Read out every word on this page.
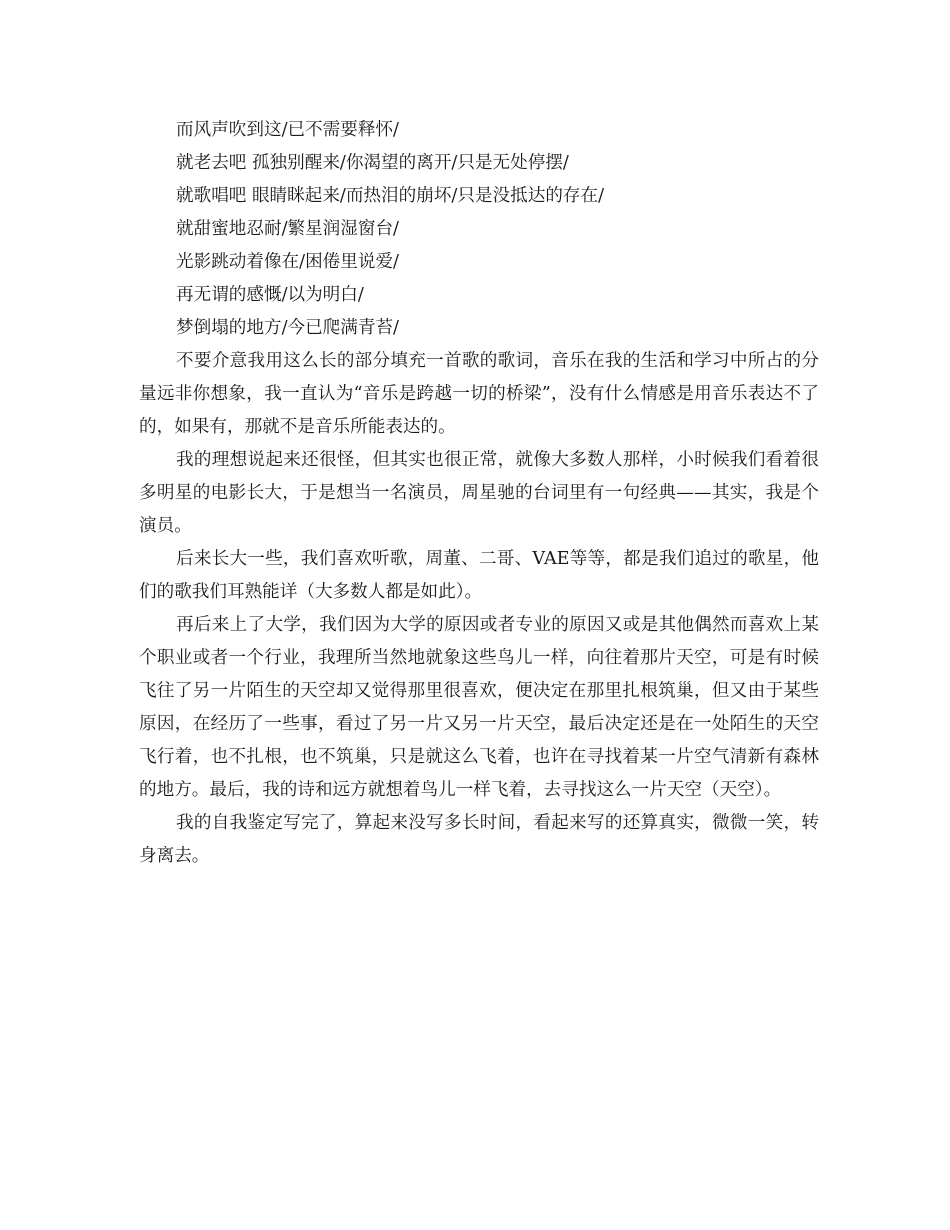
而风声吹到这/已不需要释怀/

就老去吧 孤独别醒来/你渴望的离开/只是无处停摆/

就歌唱吧 眼睛眯起来/而热泪的崩坏/只是没抵达的存在/

就甜蜜地忍耐/繁星润湿窗台/

光影跳动着像在/困倦里说爱/

再无谓的感慨/以为明白/

梦倒塌的地方/今已爬满青苔/

不要介意我用这么长的部分填充一首歌的歌词，音乐在我的生活和学习中所占的分量远非你想象，我一直认为“音乐是跨越一切的桥梁”，没有什么情感是用音乐表达不了的，如果有，那就不是音乐所能表达的。

我的理想说起来还很怪，但其实也很正常，就像大多数人那样，小时候我们看着很多明星的电影长大，于是想当一名演员，周星驰的台词里有一句经典——其实，我是个演员。

后来长大一些，我们喜欢听歌，周董、二哥、VAE等等，都是我们追过的歌星，他们的歌我们耳熟能详（大多数人都是如此）。

再后来上了大学，我们因为大学的原因或者专业的原因又或是其他偶然而喜欢上某个职业或者一个行业，我理所当然地就象这些鸟儿一样，向往着那片天空，可是有时候飞往了另一片陌生的天空却又觉得那里很喜欢，便决定在那里扎根筑巢，但又由于某些原因，在经历了一些事，看过了另一片又另一片天空，最后决定还是在一处陌生的天空飞行着，也不扎根，也不筑巢，只是就这么飞着，也许在寻找着某一片空气清新有森林的地方。最后，我的诗和远方就想着鸟儿一样飞着，去寻找这么一片天空（天空）。

我的自我鉴定写完了，算起来没写多长时间，看起来写的还算真实，微微一笑，转身离去。
